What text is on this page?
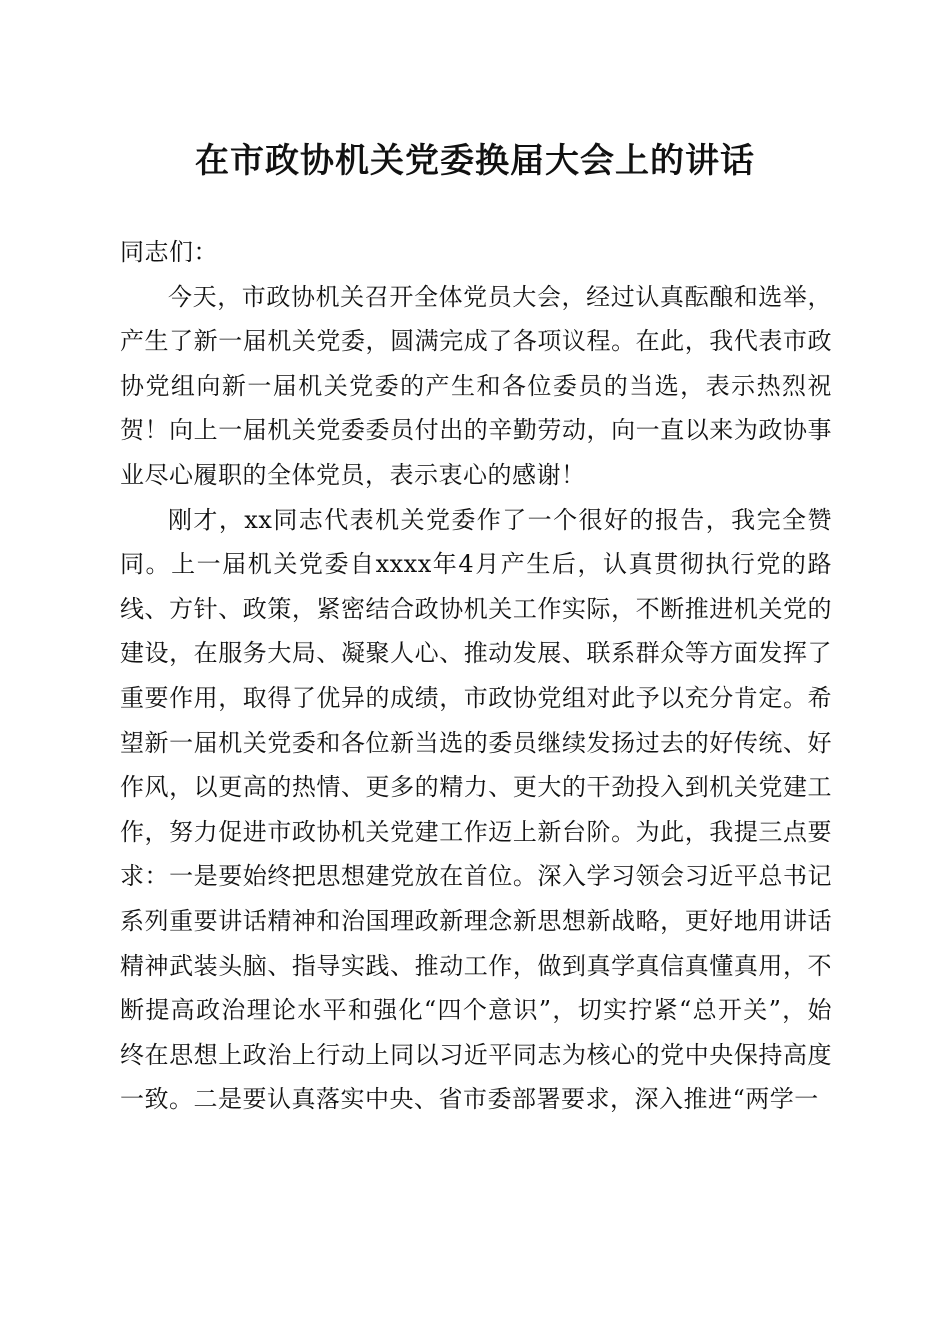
在市政协机关党委换届大会上的讲话

同志们：

今天，市政协机关召开全体党员大会，经过认真酝酿和选举，产生了新一届机关党委，圆满完成了各项议程。在此，我代表市政协党组向新一届机关党委的产生和各位委员的当选，表示热烈祝贺！向上一届机关党委委员付出的辛勤劳动，向一直以来为政协事业尽心履职的全体党员，表示衷心的感谢！

刚才，xx同志代表机关党委作了一个很好的报告，我完全赞同。上一届机关党委自xxxx年4月产生后，认真贯彻执行党的路线、方针、政策，紧密结合政协机关工作实际，不断推进机关党的建设，在服务大局、凝聚人心、推动发展、联系群众等方面发挥了重要作用，取得了优异的成绩，市政协党组对此予以充分肯定。希望新一届机关党委和各位新当选的委员继续发扬过去的好传统、好作风，以更高的热情、更多的精力、更大的干劲投入到机关党建工作，努力促进市政协机关党建工作迈上新台阶。为此，我提三点要求：一是要始终把思想建党放在首位。深入学习领会习近平总书记系列重要讲话精神和治国理政新理念新思想新战略，更好地用讲话精神武装头脑、指导实践、推动工作，做到真学真信真懂真用，不断提高政治理论水平和强化“四个意识”，切实拧紧“总开关”，始终在思想上政治上行动上同以习近平同志为核心的党中央保持高度一致。二是要认真落实中央、省市委部署要求，深入推进“两学一
